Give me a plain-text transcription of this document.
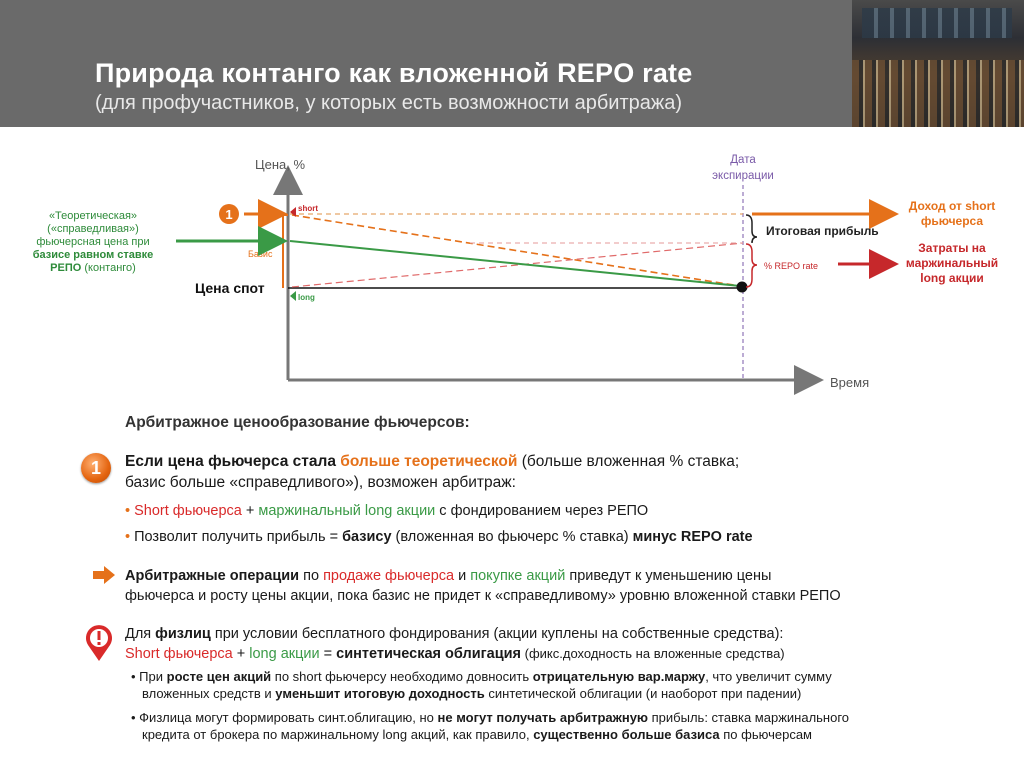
Природа контанго как вложенной REPO rate
(для профучастников, у которых есть возможности арбитража)
Цена, %
Время
Дата
экспирации
Базис
short
long
1
Цена спот
Итоговая прибыль
% REPO rate
Доход от short
фьючерса
Затраты на
маржинальный
long акции
«Теоретическая»
(«справедливая»)
фьючерсная цена при
базисе равном ставке
РЕПО (контанго)
Арбитражное ценообразование фьючерсов:
1	Если цена фьючерса стала больше теоретической (больше вложенная % ставка;
базис больше «справедливого»), возможен арбитраж:
• Short фьючерса + маржинальный long акции с фондированием через РЕПО
• Позволит получить прибыль = базису (вложенная во фьючерс % ставка) минус REPO rate
Арбитражные операции по продаже фьючерса и покупке акций приведут к уменьшению цены
фьючерса и росту цены акции, пока базис не придет к «справедливому» уровню вложенной ставки РЕПО
Для физлиц при условии бесплатного фондирования (акции куплены на собственные средства):
Short фьючерса + long акции = синтетическая облигация (фикс.доходность на вложенные средства)
• При росте цен акций по short фьючерсу необходимо довносить отрицательную вар.маржу, что увеличит сумму
вложенных средств и уменьшит итоговую доходность синтетической облигации (и наоборот при падении)
• Физлица могут формировать синт.облигацию, но не могут получать арбитражную прибыль: ставка маржинального
кредита от брокера по маржинальному long акций, как правило, существенно больше базиса по фьючерсам
